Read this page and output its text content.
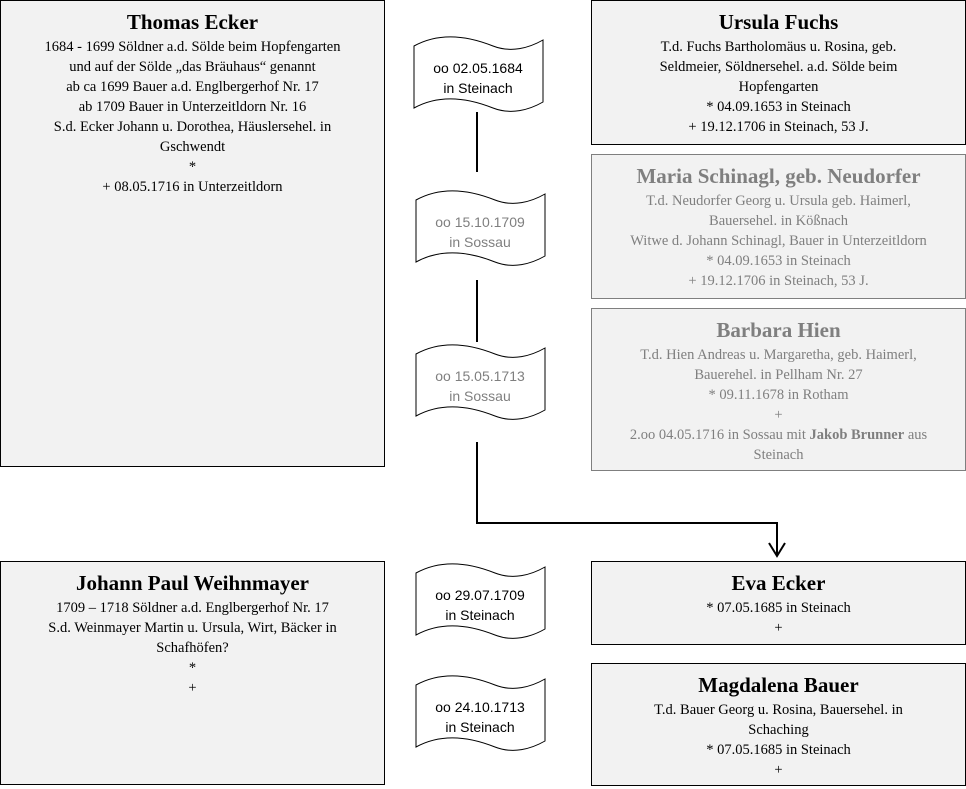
Thomas Ecker
1684 - 1699 Söldner a.d. Sölde beim Hopfengarten
und auf der Sölde „das Bräuhaus“ genannt
ab ca 1699 Bauer a.d. Englbergerhof Nr. 17
ab 1709 Bauer in Unterzeitldorn Nr. 16
S.d. Ecker Johann u. Dorothea, Häuslersehel. in
Gschwendt
*
+ 08.05.1716 in Unterzeitldorn
Ursula Fuchs
T.d. Fuchs Bartholomäus u. Rosina, geb.
Seldmeier, Söldnersehel. a.d. Sölde beim
Hopfengarten
* 04.09.1653 in Steinach
+ 19.12.1706 in Steinach, 53 J.
Maria Schinagl, geb. Neudorfer
T.d. Neudorfer Georg u. Ursula geb. Haimerl,
Bauersehel. in Kößnach
Witwe d. Johann Schinagl, Bauer in Unterzeitldorn
* 04.09.1653 in Steinach
+ 19.12.1706 in Steinach, 53 J.
Barbara Hien
T.d. Hien Andreas u. Margaretha, geb. Haimerl,
Bauerehel. in Pellham Nr. 27
* 09.11.1678 in Rotham
+
2.oo 04.05.1716 in Sossau mit Jakob Brunner aus
Steinach
Johann Paul Weihnmayer
1709 – 1718 Söldner a.d. Englbergerhof Nr. 17
S.d. Weinmayer Martin u. Ursula, Wirt, Bäcker in
Schafhöfen?
*
+
Eva Ecker
* 07.05.1685 in Steinach
+
Magdalena Bauer
T.d. Bauer Georg u. Rosina, Bauersehel. in
Schaching
* 07.05.1685 in Steinach
+
oo 02.05.1684
in Steinach
oo 15.10.1709
in Sossau
oo 15.05.1713
in Sossau
oo 29.07.1709
in Steinach
oo 24.10.1713
in Steinach
